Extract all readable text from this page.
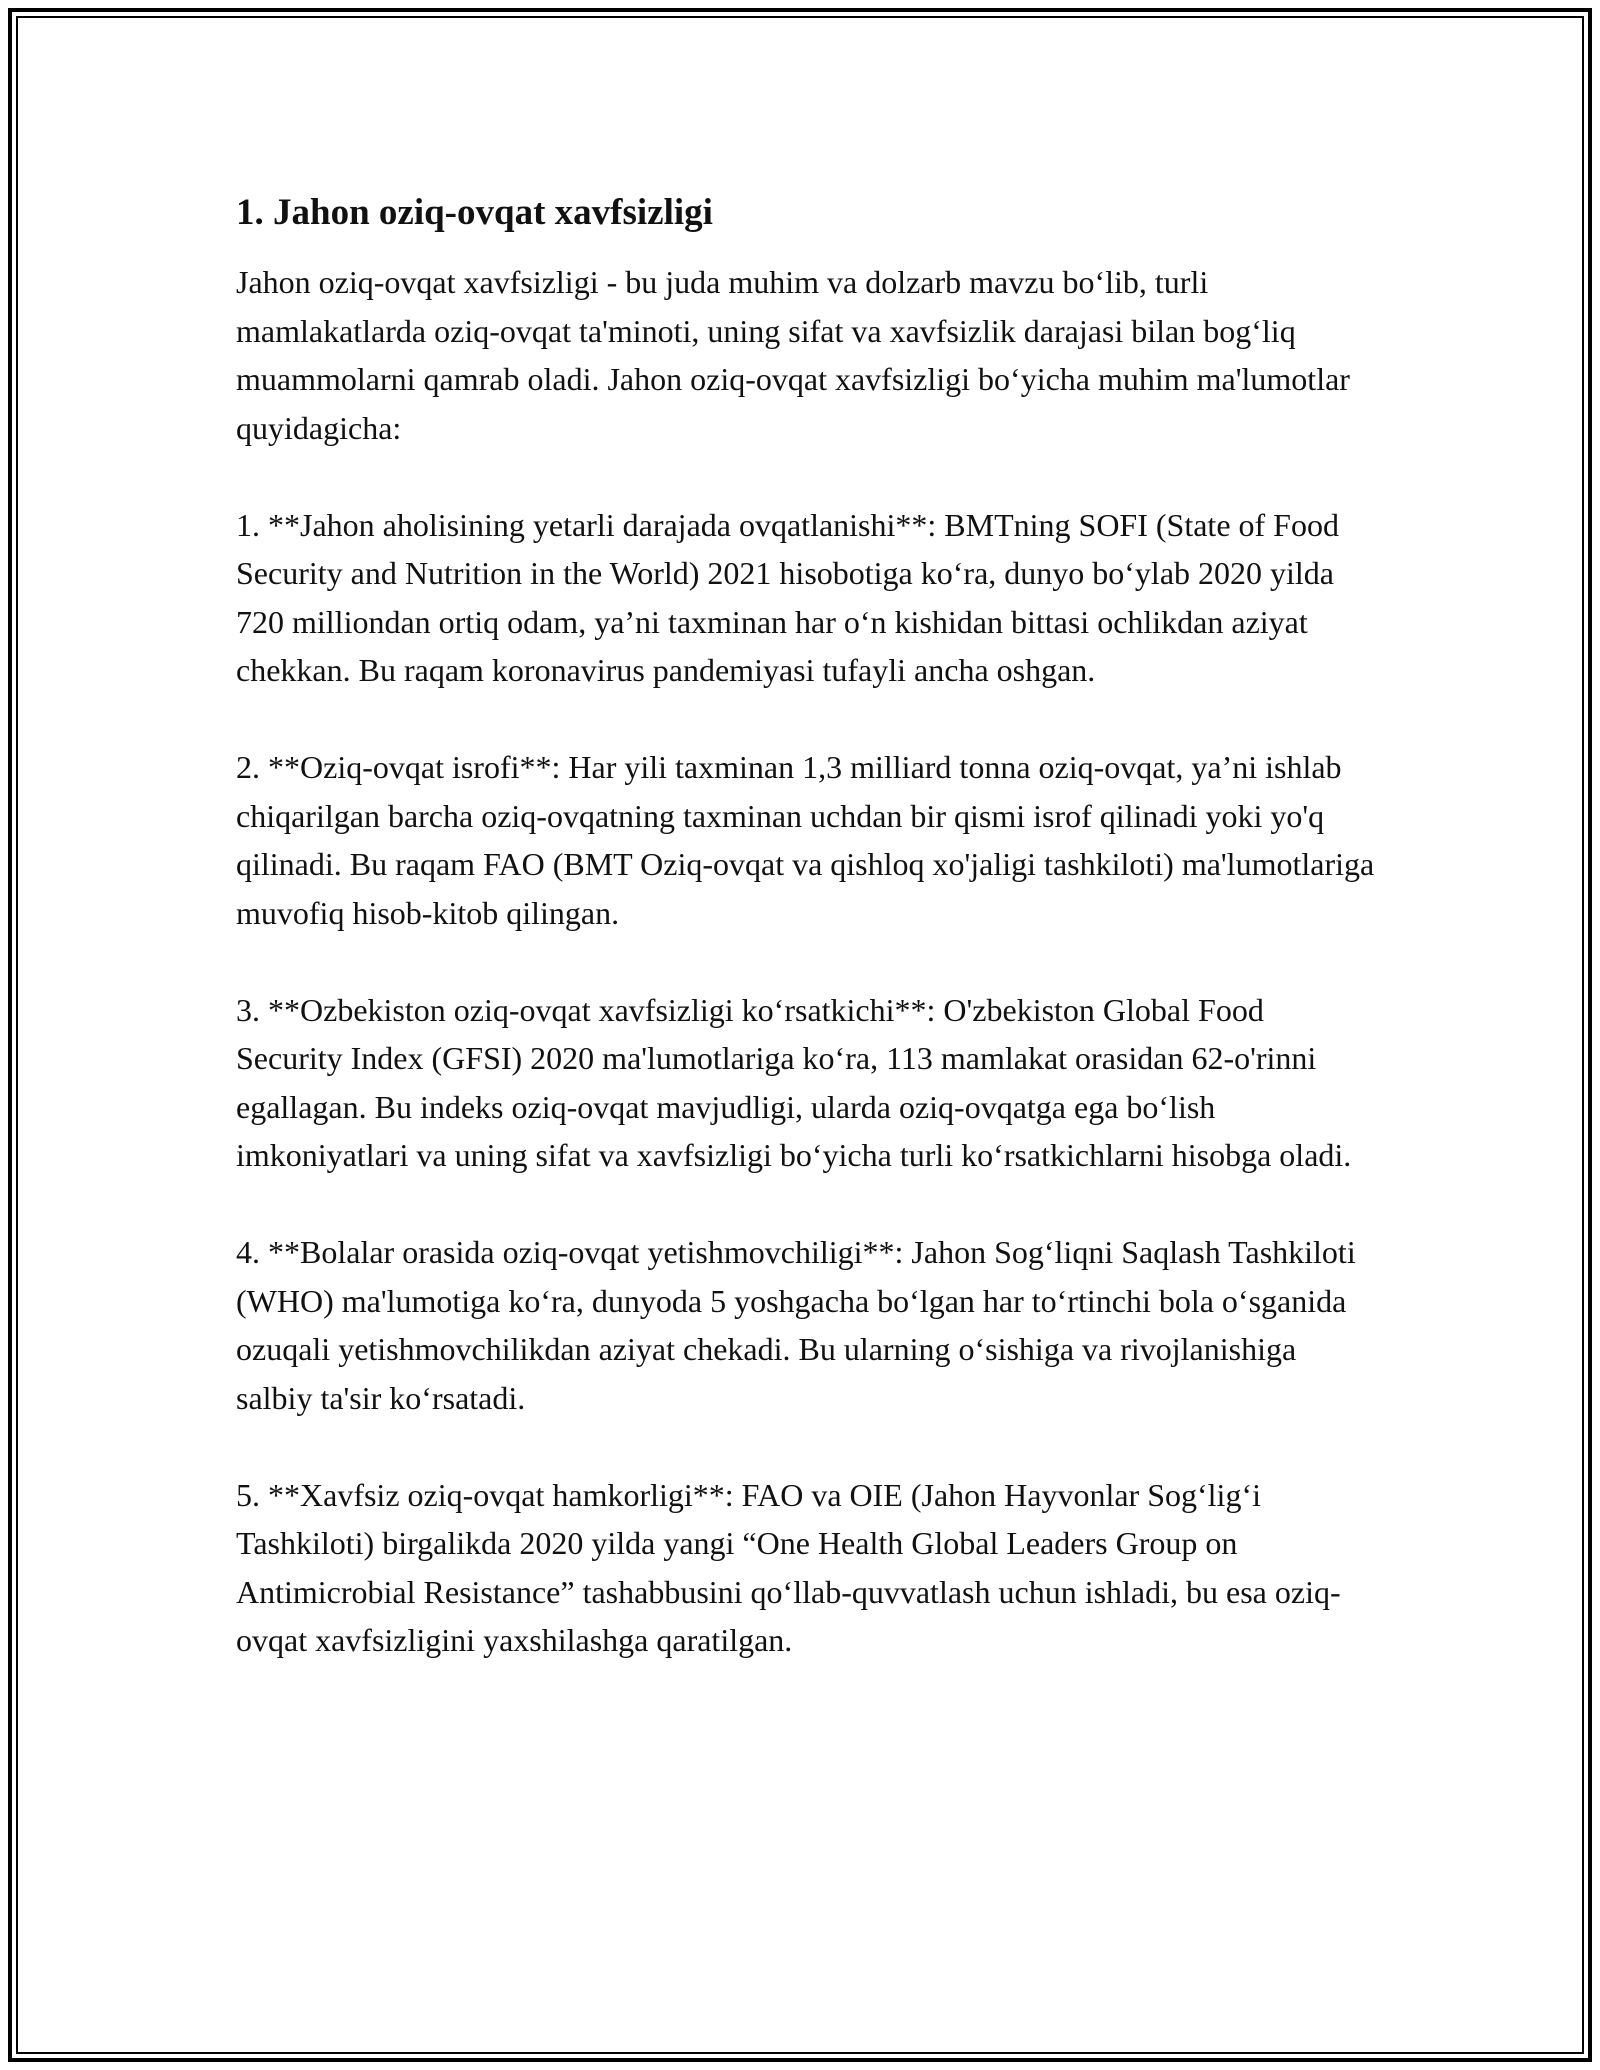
1. Jahon oziq-ovqat xavfsizligi

Jahon oziq-ovqat xavfsizligi - bu juda muhim va dolzarb mavzu bo‘lib, turli mamlakatlarda oziq-ovqat ta'minoti, uning sifat va xavfsizlik darajasi bilan bog‘liq muammolarni qamrab oladi. Jahon oziq-ovqat xavfsizligi bo‘yicha muhim ma'lumotlar quyidagicha:

1. **Jahon aholisining yetarli darajada ovqatlanishi**: BMTning SOFI (State of Food Security and Nutrition in the World) 2021 hisobotiga ko‘ra, dunyo bo‘ylab 2020 yilda 720 milliondan ortiq odam, ya’ni taxminan har o‘n kishidan bittasi ochlikdan aziyat chekkan. Bu raqam koronavirus pandemiyasi tufayli ancha oshgan.

2. **Oziq-ovqat isrofi**: Har yili taxminan 1,3 milliard tonna oziq-ovqat, ya’ni ishlab chiqarilgan barcha oziq-ovqatning taxminan uchdan bir qismi isrof qilinadi yoki yo'q qilinadi. Bu raqam FAO (BMT Oziq-ovqat va qishloq xo'jaligi tashkiloti) ma'lumotlariga muvofiq hisob-kitob qilingan.

3. **Ozbekiston oziq-ovqat xavfsizligi ko‘rsatkichi**: O'zbekiston Global Food Security Index (GFSI) 2020 ma'lumotlariga ko‘ra, 113 mamlakat orasidan 62-o'rinni egallagan. Bu indeks oziq-ovqat mavjudligi, ularda oziq-ovqatga ega bo‘lish imkoniyatlari va uning sifat va xavfsizligi bo‘yicha turli ko‘rsatkichlarni hisobga oladi.

4. **Bolalar orasida oziq-ovqat yetishmovchiligi**: Jahon Sog‘liqni Saqlash Tashkiloti (WHO) ma'lumotiga ko‘ra, dunyoda 5 yoshgacha bo‘lgan har to‘rtinchi bola o‘sganida ozuqali yetishmovchilikdan aziyat chekadi. Bu ularning o‘sishiga va rivojlanishiga salbiy ta'sir ko‘rsatadi.

5. **Xavfsiz oziq-ovqat hamkorligi**: FAO va OIE (Jahon Hayvonlar Sog‘lig‘i Tashkiloti) birgalikda 2020 yilda yangi “One Health Global Leaders Group on Antimicrobial Resistance” tashabbusini qo‘llab-quvvatlash uchun ishladi, bu esa oziq-ovqat xavfsizligini yaxshilashga qaratilgan.
